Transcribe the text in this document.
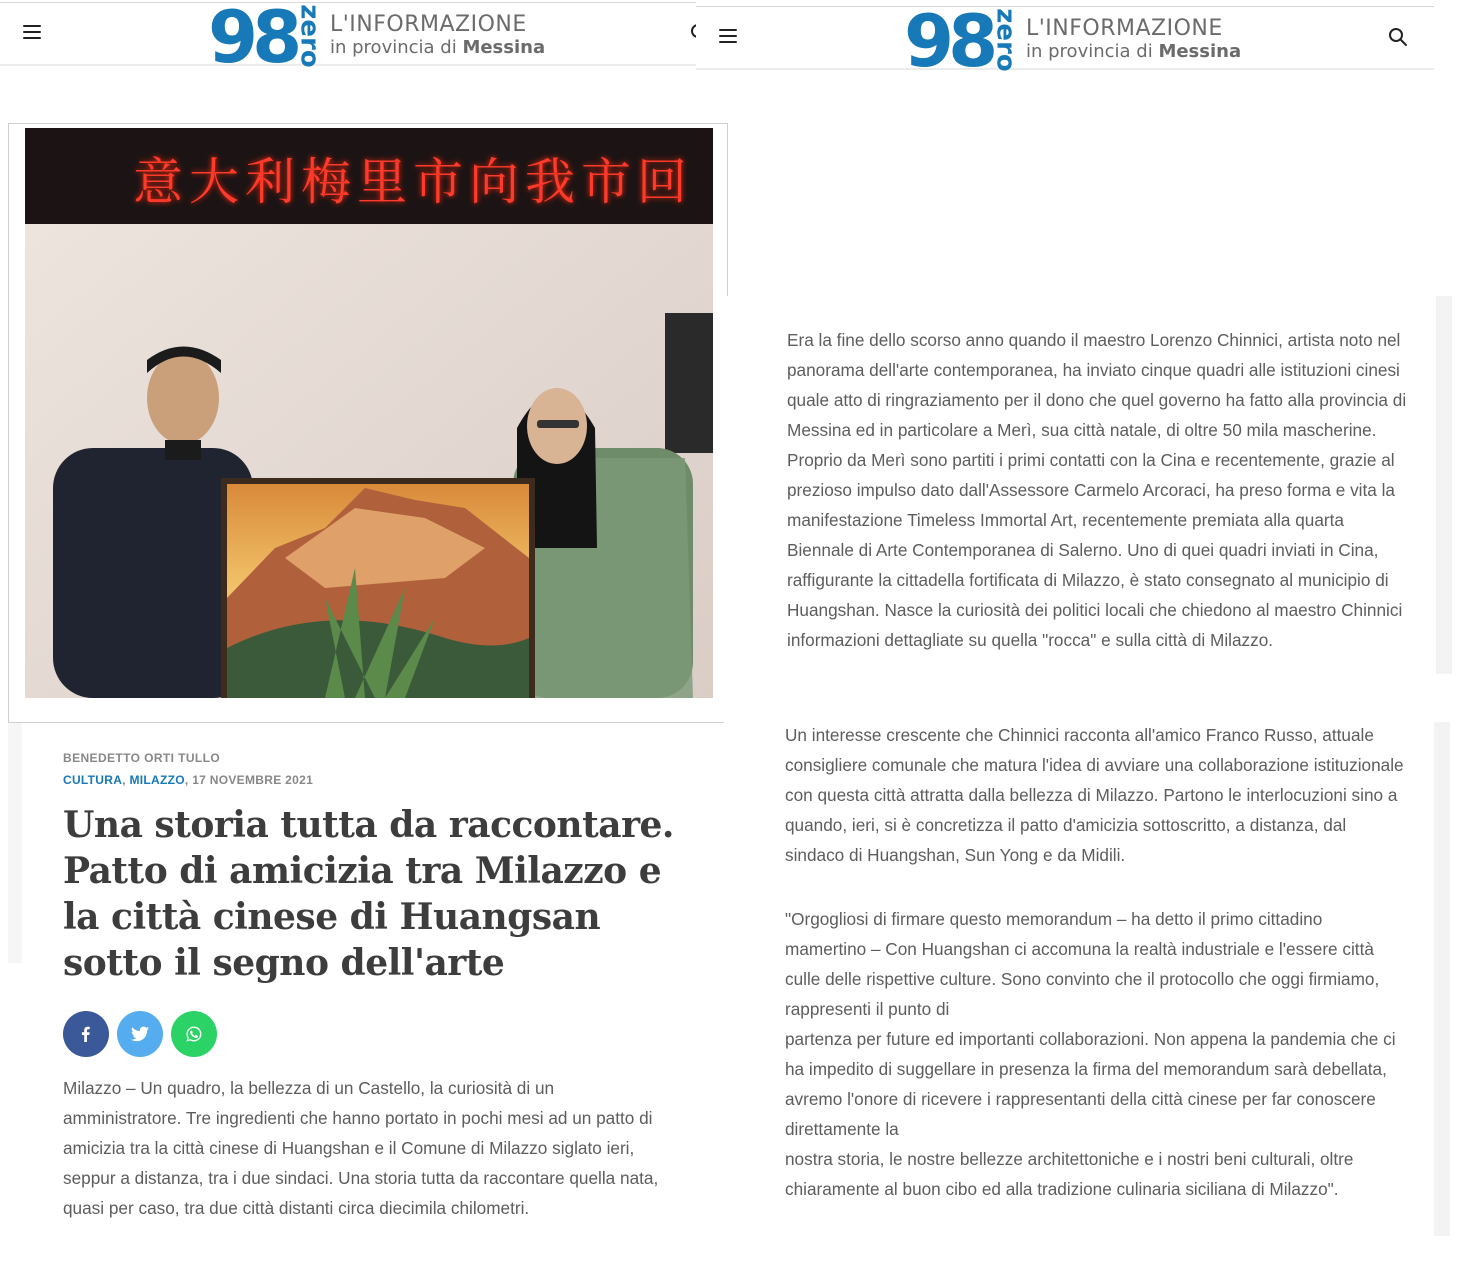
98
zero L'INFORMAZIONE
in provincia di Messina	98
zero L'INFORMAZIONE
in provincia di Messina
意大利梅里市向我市回
BENEDETTO ORTI TULLO
CULTURA, MILAZZO, 17 NOVEMBRE 2021
Una storia tutta da raccontare. Patto di amicizia tra Milazzo e la città cinese di Huangsan sotto il segno dell'arte

Milazzo – Un quadro, la bellezza di un Castello, la curiosità di un amministratore. Tre ingredienti che hanno portato in pochi mesi ad un patto di amicizia tra la città cinese di Huangshan e il Comune di Milazzo siglato ieri, seppur a distanza, tra i due sindaci. Una storia tutta da raccontare quella nata, quasi per caso, tra due città distanti circa diecimila chilometri.

Era la fine dello scorso anno quando il maestro Lorenzo Chinnici, artista noto nel panorama dell'arte contemporanea, ha inviato cinque quadri alle istituzioni cinesi quale atto di ringraziamento per il dono che quel governo ha fatto alla provincia di Messina ed in particolare a Merì, sua città natale, di oltre 50 mila mascherine. Proprio da Merì sono partiti i primi contatti con la Cina e recentemente, grazie al prezioso impulso dato dall'Assessore Carmelo Arcoraci, ha preso forma e vita la manifestazione Timeless Immortal Art, recentemente premiata alla quarta Biennale di Arte Contemporanea di Salerno. Uno di quei quadri inviati in Cina, raffigurante la cittadella fortificata di Milazzo, è stato consegnato al municipio di Huangshan. Nasce la curiosità dei politici locali che chiedono al maestro Chinnici informazioni dettagliate su quella "rocca" e sulla città di Milazzo.

Un interesse crescente che Chinnici racconta all'amico Franco Russo, attuale consigliere comunale che matura l'idea di avviare una collaborazione istituzionale con questa città attratta dalla bellezza di Milazzo. Partono le interlocuzioni sino a quando, ieri, si è concretizza il patto d'amicizia sottoscritto, a distanza, dal sindaco di Huangshan, Sun Yong e da Midili.

"Orgogliosi di firmare questo memorandum – ha detto il primo cittadino mamertino – Con Huangshan ci accomuna la realtà industriale e l'essere città culle delle rispettive culture. Sono convinto che il protocollo che oggi firmiamo, rappresenti il punto di
partenza per future ed importanti collaborazioni. Non appena la pandemia che ci ha impedito di suggellare in presenza la firma del memorandum sarà debellata, avremo l'onore di ricevere i rappresentanti della città cinese per far conoscere direttamente la
nostra storia, le nostre bellezze architettoniche e i nostri beni culturali, oltre chiaramente al buon cibo ed alla tradizione culinaria siciliana di Milazzo".
